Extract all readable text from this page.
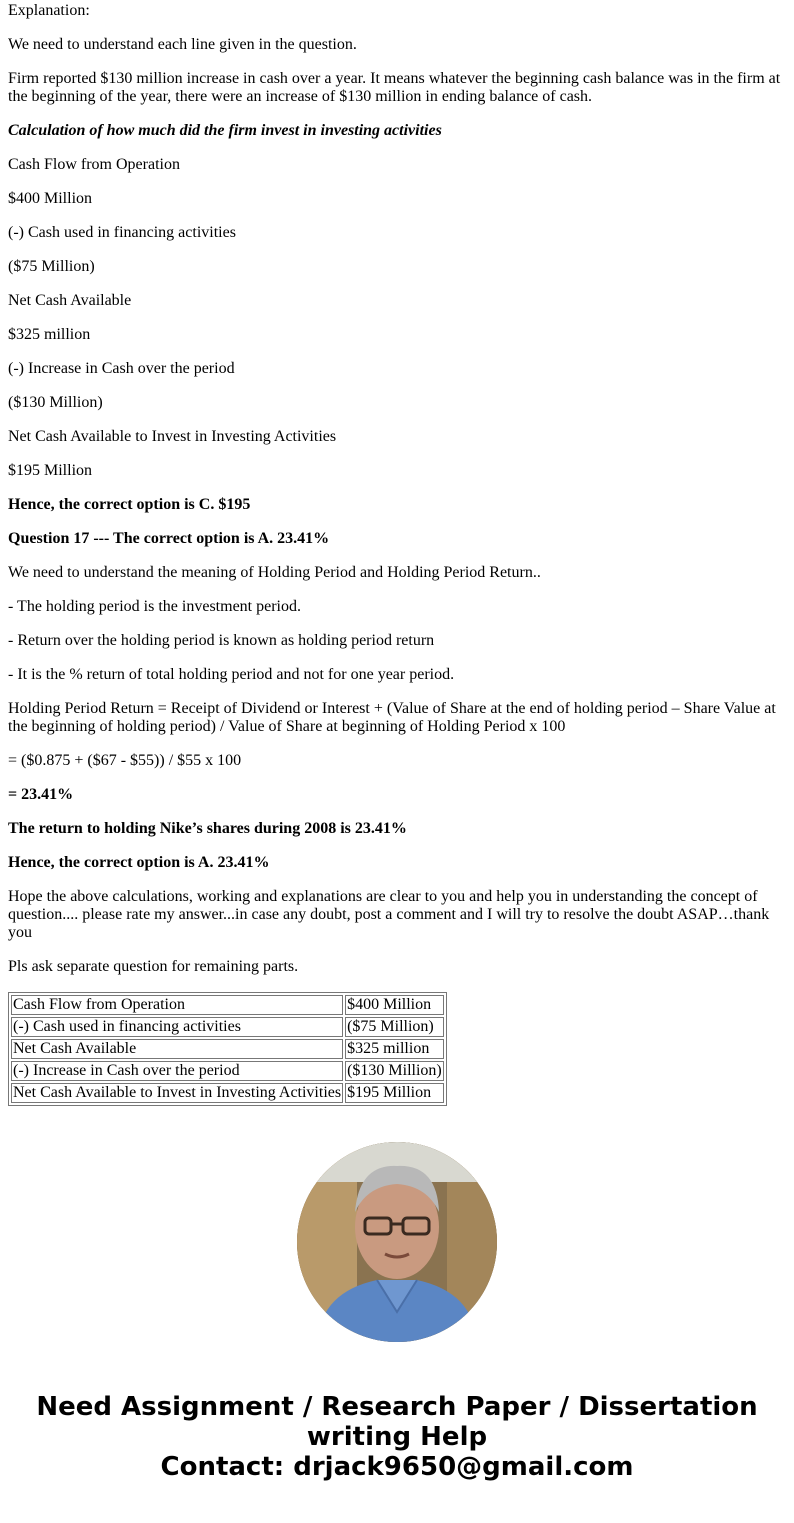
Explanation:

We need to understand each line given in the question.

Firm reported $130 million increase in cash over a year. It means whatever the beginning cash balance was in the firm at the beginning of the year, there were an increase of $130 million in ending balance of cash.

Calculation of how much did the firm invest in investing activities

Cash Flow from Operation

$400 Million

(-) Cash used in financing activities

($75 Million)

Net Cash Available

$325 million

(-) Increase in Cash over the period

($130 Million)

Net Cash Available to Invest in Investing Activities

$195 Million

Hence, the correct option is C. $195

Question 17 --- The correct option is A. 23.41%

We need to understand the meaning of Holding Period and Holding Period Return..

- The holding period is the investment period.

- Return over the holding period is known as holding period return

- It is the % return of total holding period and not for one year period.

Holding Period Return = Receipt of Dividend or Interest + (Value of Share at the end of holding period – Share Value at the beginning of holding period) / Value of Share at beginning of Holding Period x 100

= ($0.875 + ($67 - $55)) / $55 x 100

= 23.41%

The return to holding Nike’s shares during 2008 is 23.41%

Hence, the correct option is A. 23.41%

Hope the above calculations, working and explanations are clear to you and help you in understanding the concept of question.... please rate my answer...in case any doubt, post a comment and I will try to resolve the doubt ASAP…thank you

Pls ask separate question for remaining parts.

Cash Flow from Operation	$400 Million
(-) Cash used in financing activities	($75 Million)
Net Cash Available	$325 million
(-) Increase in Cash over the period	($130 Million)
Net Cash Available to Invest in Investing Activities	$195 Million
Need Assignment / Research Paper / Dissertation
writing Help
Contact: drjack9650@gmail.com
